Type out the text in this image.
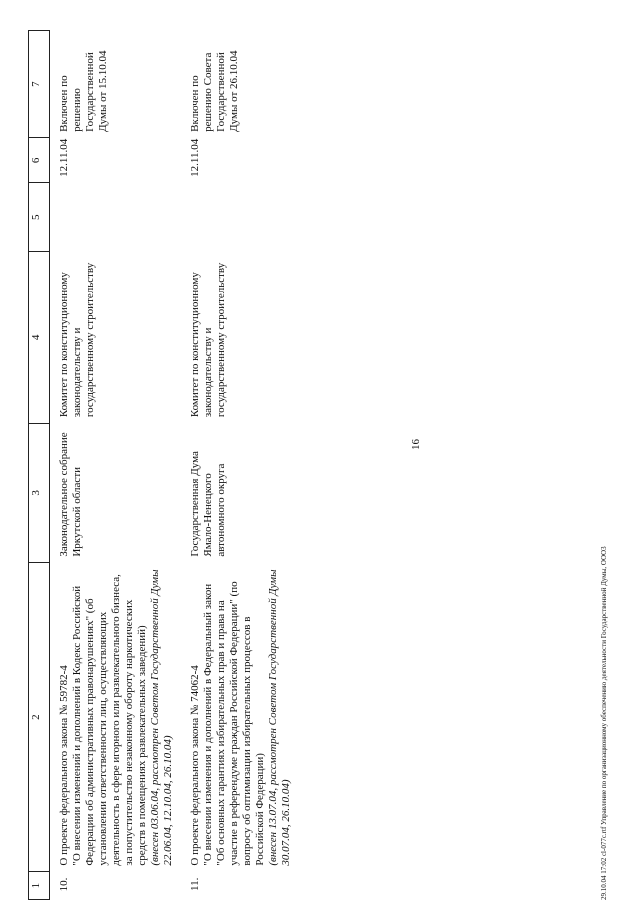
16
1	2	3	4	5	6	7
10.	О проекте федерального закона № 59782-4 "О внесении изменений и дополнений в Кодекс Российской Федерации об административных правонарушениях" (об установлении ответственности лиц, осуществляющих деятельность в сфере игорного или развлекательного бизнеса, за попустительство незаконному обороту наркотических средств в помещениях развлекательных заведений) (внесен 03.06.04, рассмотрен Советом Государственной Думы 22.06.04, 12.10.04, 26.10.04)	Законодательное собрание Иркутской области	Комитет по конституционному законодательству и государственному строительству		12.11.04	Включен по решению Государственной Думы от 15.10.04
11.	О проекте федерального закона № 74062-4 "О внесении изменения и дополнений в Федеральный закон "Об основных гарантиях избирательных прав и права на участие в референдуме граждан Российской Федерации" (по вопросу об оптимизации избирательных процессов в Российской Федерации) (внесен 13.07.04, рассмотрен Советом Государственной Думы 30.07.04, 26.10.04)	Государственная Дума Ямало-Ненецкого автономного округа	Комитет по конституционному законодательству и государственному строительству		12.11.04	Включен по решению Совета Государственной Думы от 26.10.04
29.10.04 17:02 cl-077c.rtf Управление по организационному обеспечению деятельности Государственной Думы, ООО3
